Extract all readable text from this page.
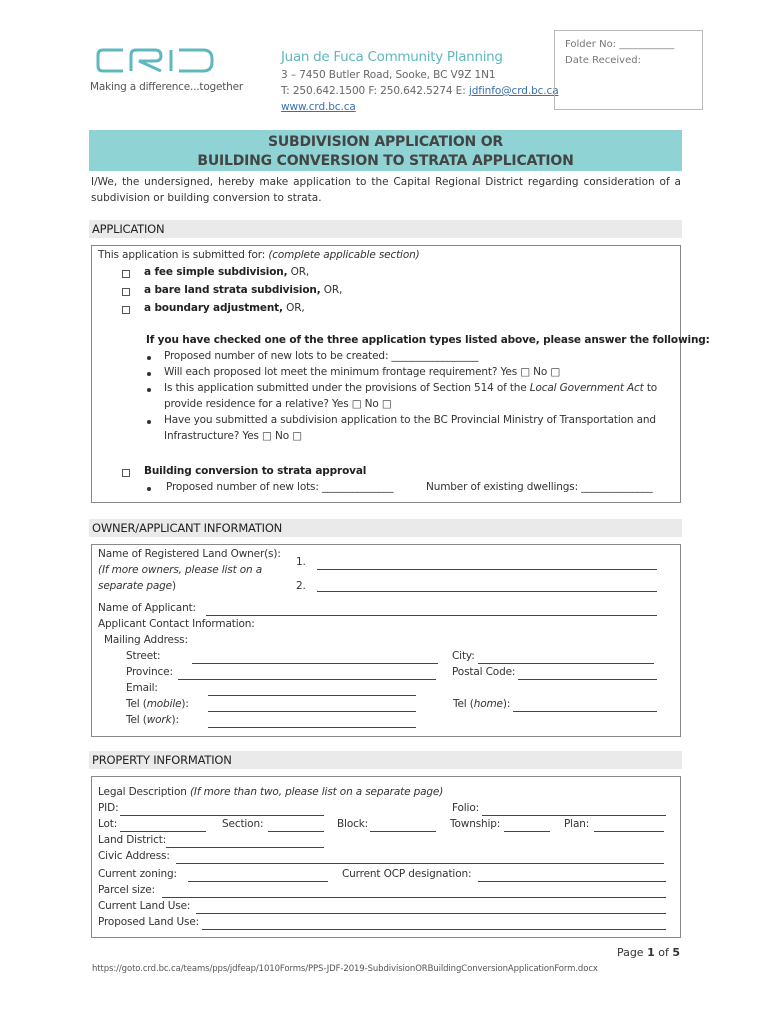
Making a difference...together
Juan de Fuca Community Planning
3 – 7450 Butler Road, Sooke, BC V9Z 1N1
T: 250.642.1500 F: 250.642.5274 E: jdfinfo@crd.bc.ca
www.crd.bc.ca
Folder No: ___________
Date Received:
SUBDIVISION APPLICATION OR
BUILDING CONVERSION TO STRATA APPLICATION
I/We, the undersigned, hereby make application to the Capital Regional District regarding consideration of a subdivision or building conversion to strata.
APPLICATION
This application is submitted for: (complete applicable section)
a fee simple subdivision, OR,
a bare land strata subdivision, OR,
a boundary adjustment, OR,
If you have checked one of the three application types listed above, please answer the following:
Proposed number of new lots to be created: _________________
Will each proposed lot meet the minimum frontage requirement? Yes □ No □
Is this application submitted under the provisions of Section 514 of the Local Government Act to
provide residence for a relative? Yes □ No □
Have you submitted a subdivision application to the BC Provincial Ministry of Transportation and
Infrastructure? Yes □ No □
Building conversion to strata approval
Proposed number of new lots: ______________	Number of existing dwellings: ______________
OWNER/APPLICANT INFORMATION
Name of Registered Land Owner(s):
(If more owners, please list on a
separate page)
1.
2.
Name of Applicant:
Applicant Contact Information:
Mailing Address:
Street:	City:
Province:	Postal Code:
Email:
Tel (mobile):	Tel (home):
Tel (work):
PROPERTY INFORMATION
Legal Description (If more than two, please list on a separate page)
PID:	Folio:
Lot:	Section:	Block:	Township:	Plan:
Land District:
Civic Address:
Current zoning:	Current OCP designation:
Parcel size:
Current Land Use:
Proposed Land Use:
Page 1 of 5
https://goto.crd.bc.ca/teams/pps/jdfeap/1010Forms/PPS-JDF-2019-SubdivisionORBuildingConversionApplicationForm.docx
